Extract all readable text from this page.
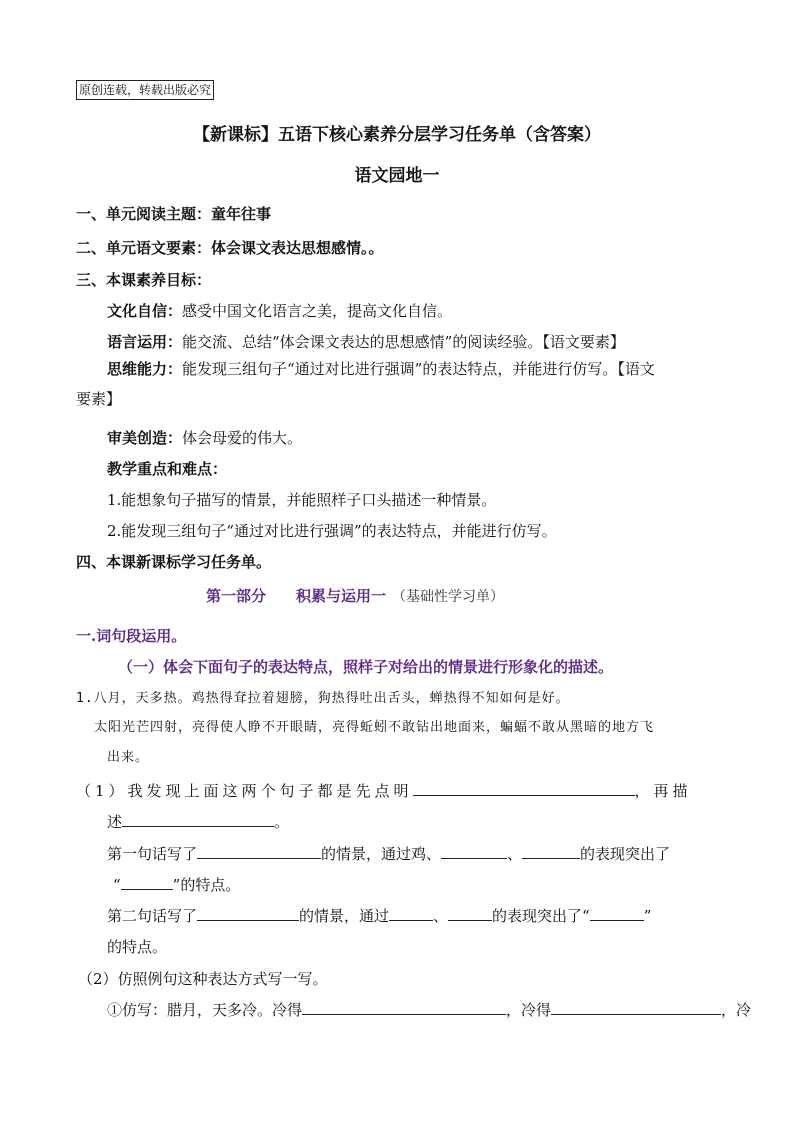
原创连载，转载出版必究
【新课标】五语下核心素养分层学习任务单（含答案）
语文园地一
一、单元阅读主题：童年往事
二、单元语文要素：体会课文表达思想感情。。
三、本课素养目标：
文化自信：感受中国文化语言之美，提高文化自信。
语言运用：能交流、总结“体会课文表达的思想感情”的阅读经验。【语文要素】
思维能力：能发现三组句子“通过对比进行强调”的表达特点，并能进行仿写。【语文
要素】
审美创造：体会母爱的伟大。
教学重点和难点：
1.能想象句子描写的情景，并能照样子口头描述一种情景。
2.能发现三组句子“通过对比进行强调”的表达特点，并能进行仿写。
四、本课新课标学习任务单。
第一部分 积累与运用一 （基础性学习单）
一.词句段运用。
（一）体会下面句子的表达特点，照样子对给出的情景进行形象化的描述。
1.八月，天多热。鸡热得耷拉着翅膀，狗热得吐出舌头，蝉热得不知如何是好。
太阳光芒四射，亮得使人睁不开眼睛，亮得蚯蚓不敢钻出地面来，蝙蝠不敢从黑暗的地方飞
出来。
（1）我发现上面这两个句子都是先点明	，再描
述	。
第一句话写了	的情景，通过鸡、	、	的表现突出了
“	”的特点。
第二句话写了	的情景，通过	、	的表现突出了“	”
的特点。
（2）仿照例句这种表达方式写一写。
①仿写：腊月，天多冷。冷得	，冷得	，冷
